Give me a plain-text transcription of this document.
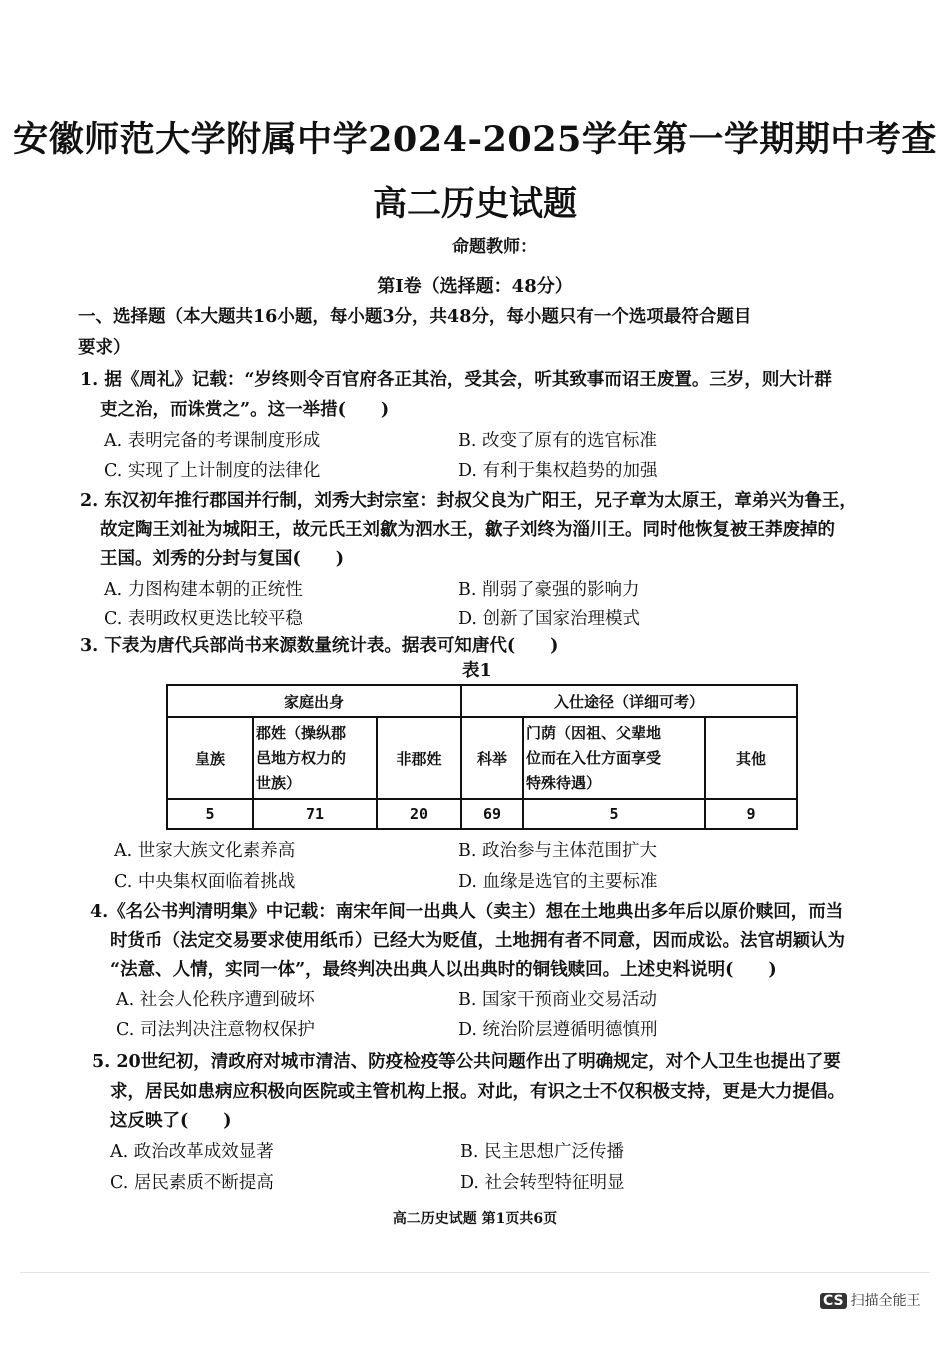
安徽师范大学附属中学2024-2025学年第一学期期中考查
高二历史试题
命题教师：
第Ⅰ卷（选择题：48分）
一、选择题（本大题共16小题，每小题3分，共48分，每小题只有一个选项最符合题目
要求）
1. 据《周礼》记载：“岁终则令百官府各正其治，受其会，听其致事而诏王废置。三岁，则大计群
吏之治，而诛赏之”。这一举措(　　)
A. 表明完备的考课制度形成	B. 改变了原有的选官标准
C. 实现了上计制度的法律化	D. 有利于集权趋势的加强
2. 东汉初年推行郡国并行制，刘秀大封宗室：封叔父良为广阳王，兄子章为太原王，章弟兴为鲁王，
故定陶王刘祉为城阳王，故元氏王刘歙为泗水王，歙子刘终为淄川王。同时他恢复被王莽废掉的
王国。刘秀的分封与复国(　　)
A. 力图构建本朝的正统性	B. 削弱了豪强的影响力
C. 表明政权更迭比较平稳	D. 创新了国家治理模式
3. 下表为唐代兵部尚书来源数量统计表。据表可知唐代(　　)
表1
家庭出身			入仕途径（详细可考）		
皇族	郡姓（操纵郡
邑地方权力的
世族）	非郡姓	科举	门荫（因祖、父辈地
位而在入仕方面享受
特殊待遇）	其他
5	71	20	69	5	9
A. 世家大族文化素养高	B. 政治参与主体范围扩大
C. 中央集权面临着挑战	D. 血缘是选官的主要标准
4.《名公书判清明集》中记载：南宋年间一出典人（卖主）想在土地典出多年后以原价赎回，而当
时货币（法定交易要求使用纸币）已经大为贬值，土地拥有者不同意，因而成讼。法官胡颖认为
“法意、人情，实同一体”，最终判决出典人以出典时的铜钱赎回。上述史料说明(　　)
A. 社会人伦秩序遭到破坏	B. 国家干预商业交易活动
C. 司法判决注意物权保护	D. 统治阶层遵循明德慎刑
5. 20世纪初，清政府对城市清洁、防疫检疫等公共问题作出了明确规定，对个人卫生也提出了要
求，居民如患病应积极向医院或主管机构上报。对此，有识之士不仅积极支持，更是大力提倡。
这反映了(　　)
A. 政治改革成效显著	B. 民主思想广泛传播
C. 居民素质不断提高	D. 社会转型特征明显
高二历史试题 第1页共6页
CS 扫描全能王
